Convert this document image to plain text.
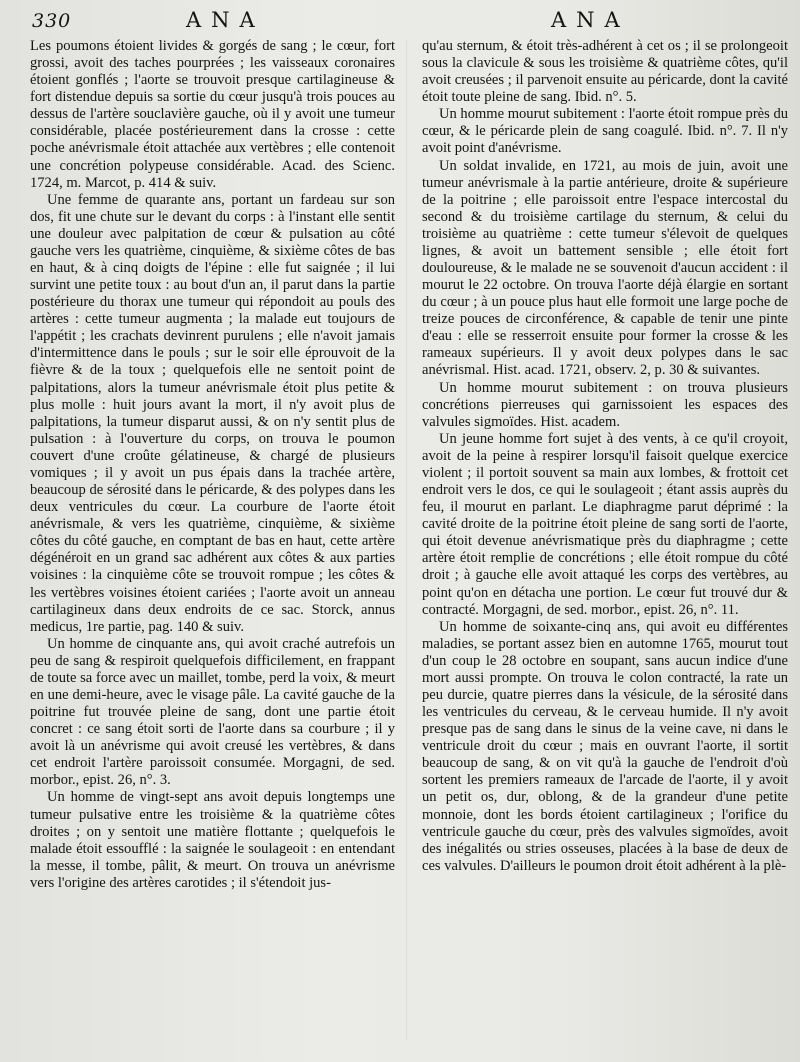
330	ANA	ANA

Les poumons étoient livides & gorgés de sang ; le cœur, fort grossi, avoit des taches pourprées ; les vaisseaux coronaires étoient gonflés ; l'aorte se trouvoit presque cartilagineuse & fort distendue depuis sa sortie du cœur jusqu'à trois pouces au dessus de l'artère souclavière gauche, où il y avoit une tumeur considérable, placée postérieurement dans la crosse : cette poche anévrismale étoit attachée aux vertèbres ; elle contenoit une concrétion polypeuse considérable. Acad. des Scienc. 1724, m. Marcot, p. 414 & suiv.

Une femme de quarante ans, portant un fardeau sur son dos, fit une chute sur le devant du corps : à l'instant elle sentit une douleur avec palpitation de cœur & pulsation au côté gauche vers les quatrième, cinquième, & sixième côtes de bas en haut, & à cinq doigts de l'épine : elle fut saignée ; il lui survint une petite toux : au bout d'un an, il parut dans la partie postérieure du thorax une tumeur qui répondoit au pouls des artères : cette tumeur augmenta ; la malade eut toujours de l'appétit ; les crachats devinrent purulens ; elle n'avoit jamais d'intermittence dans le pouls ; sur le soir elle éprouvoit de la fièvre & de la toux ; quelquefois elle ne sentoit point de palpitations, alors la tumeur anévrismale étoit plus petite & plus molle : huit jours avant la mort, il n'y avoit plus de palpitations, la tumeur disparut aussi, & on n'y sentit plus de pulsation : à l'ouverture du corps, on trouva le poumon couvert d'une croûte gélatineuse, & chargé de plusieurs vomiques ; il y avoit un pus épais dans la trachée artère, beaucoup de sérosité dans le péricarde, & des polypes dans les deux ventricules du cœur. La courbure de l'aorte étoit anévrismale, & vers les quatrième, cinquième, & sixième côtes du côté gauche, en comptant de bas en haut, cette artère dégénéroit en un grand sac adhérent aux côtes & aux parties voisines : la cinquième côte se trouvoit rompue ; les côtes & les vertèbres voisines étoient cariées ; l'aorte avoit un anneau cartilagineux dans deux endroits de ce sac. Storck, annus medicus, 1re partie, pag. 140 & suiv.

Un homme de cinquante ans, qui avoit craché autrefois un peu de sang & respiroit quelquefois difficilement, en frappant de toute sa force avec un maillet, tombe, perd la voix, & meurt en une demi-heure, avec le visage pâle. La cavité gauche de la poitrine fut trouvée pleine de sang, dont une partie étoit concret : ce sang étoit sorti de l'aorte dans sa courbure ; il y avoit là un anévrisme qui avoit creusé les vertèbres, & dans cet endroit l'artère paroissoit consumée. Morgagni, de sed. morbor., epist. 26, n°. 3.

Un homme de vingt-sept ans avoit depuis longtemps une tumeur pulsative entre les troisième & la quatrième côtes droites ; on y sentoit une matière flottante ; quelquefois le malade étoit essoufflé : la saignée le soulageoit : en entendant la messe, il tombe, pâlit, & meurt. On trouva un anévrisme vers l'origine des artères carotides ; il s'étendoit jus-

qu'au sternum, & étoit très-adhérent à cet os ; il se prolongeoit sous la clavicule & sous les troisième & quatrième côtes, qu'il avoit creusées ; il parvenoit ensuite au péricarde, dont la cavité étoit toute pleine de sang. Ibid. n°. 5.

Un homme mourut subitement : l'aorte étoit rompue près du cœur, & le péricarde plein de sang coagulé. Ibid. n°. 7. Il n'y avoit point d'anévrisme.

Un soldat invalide, en 1721, au mois de juin, avoit une tumeur anévrismale à la partie antérieure, droite & supérieure de la poitrine ; elle paroissoit entre l'espace intercostal du second & du troisième cartilage du sternum, & celui du troisième au quatrième : cette tumeur s'élevoit de quelques lignes, & avoit un battement sensible ; elle étoit fort douloureuse, & le malade ne se souvenoit d'aucun accident : il mourut le 22 octobre. On trouva l'aorte déjà élargie en sortant du cœur ; à un pouce plus haut elle formoit une large poche de treize pouces de circonférence, & capable de tenir une pinte d'eau : elle se resserroit ensuite pour former la crosse & les rameaux supérieurs. Il y avoit deux polypes dans le sac anévrismal. Hist. acad. 1721, observ. 2, p. 30 & suivantes.

Un homme mourut subitement : on trouva plusieurs concrétions pierreuses qui garnissoient les espaces des valvules sigmoïdes. Hist. academ.

Un jeune homme fort sujet à des vents, à ce qu'il croyoit, avoit de la peine à respirer lorsqu'il faisoit quelque exercice violent ; il portoit souvent sa main aux lombes, & frottoit cet endroit vers le dos, ce qui le soulageoit ; étant assis auprès du feu, il mourut en parlant. Le diaphragme parut déprimé : la cavité droite de la poitrine étoit pleine de sang sorti de l'aorte, qui étoit devenue anévrismatique près du diaphragme ; cette artère étoit remplie de concrétions ; elle étoit rompue du côté droit ; à gauche elle avoit attaqué les corps des vertèbres, au point qu'on en détacha une portion. Le cœur fut trouvé dur & contracté. Morgagni, de sed. morbor., epist. 26, n°. 11.

Un homme de soixante-cinq ans, qui avoit eu différentes maladies, se portant assez bien en automne 1765, mourut tout d'un coup le 28 octobre en soupant, sans aucun indice d'une mort aussi prompte. On trouva le colon contracté, la rate un peu durcie, quatre pierres dans la vésicule, de la sérosité dans les ventricules du cerveau, & le cerveau humide. Il n'y avoit presque pas de sang dans le sinus de la veine cave, ni dans le ventricule droit du cœur ; mais en ouvrant l'aorte, il sortit beaucoup de sang, & on vit qu'à la gauche de l'endroit d'où sortent les premiers rameaux de l'arcade de l'aorte, il y avoit un petit os, dur, oblong, & de la grandeur d'une petite monnoie, dont les bords étoient cartilagineux ; l'orifice du ventricule gauche du cœur, près des valvules sigmoïdes, avoit des inégalités ou stries osseuses, placées à la base de deux de ces valvules. D'ailleurs le poumon droit étoit adhérent à la plè-
